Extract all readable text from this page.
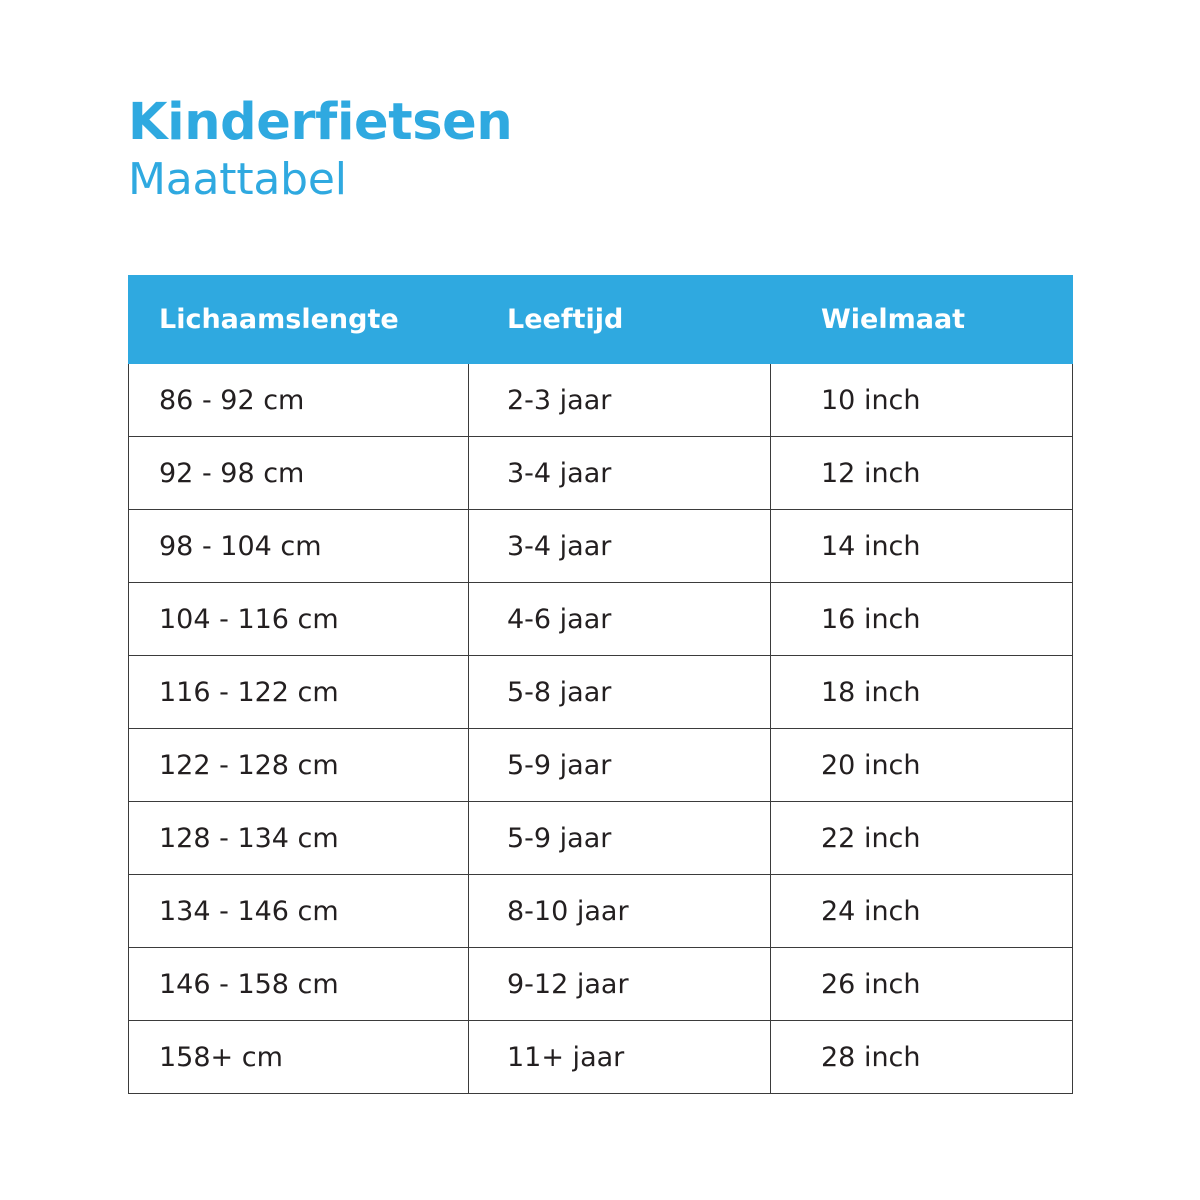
Kinderfietsen
Maattabel
Lichaamslengte	Leeftijd	Wielmaat
86 - 92 cm	2-3 jaar	10 inch
92 - 98 cm	3-4 jaar	12 inch
98 - 104 cm	3-4 jaar	14 inch
104 - 116 cm	4-6 jaar	16 inch
116 - 122 cm	5-8 jaar	18 inch
122 - 128 cm	5-9 jaar	20 inch
128 - 134 cm	5-9 jaar	22 inch
134 - 146 cm	8-10 jaar	24 inch
146 - 158 cm	9-12 jaar	26 inch
158+ cm	11+ jaar	28 inch
